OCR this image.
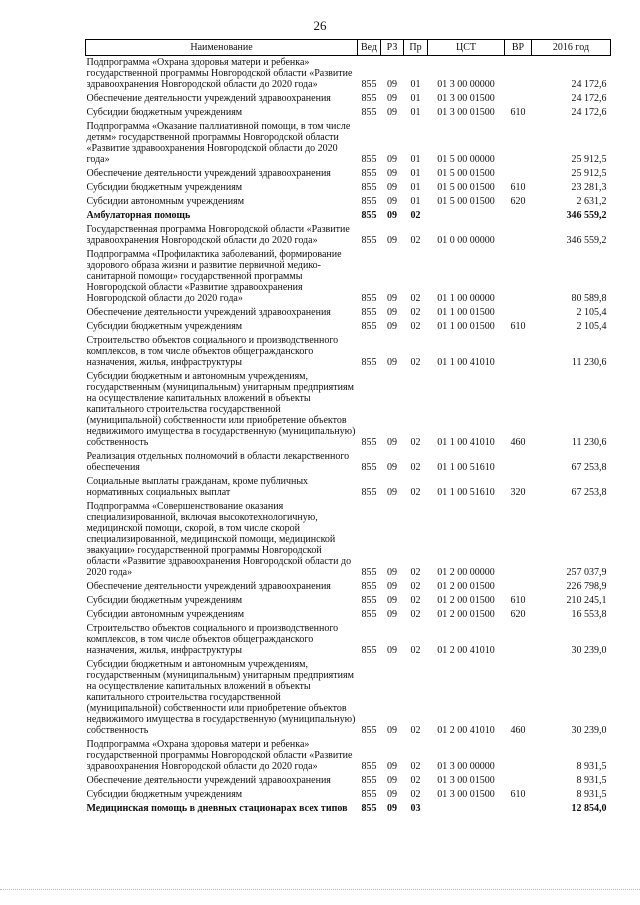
26
Наименование	Вед	РЗ	Пр	ЦСТ	ВР	2016 год
Подпрограмма «Охрана здоровья матери и ребенка» государственной программы Новгородской области «Развитие здравоохранения Новгородской области до 2020 года»	855	09	01	01 3 00 00000		24 172,6
Обеспечение деятельности учреждений здравоохранения	855	09	01	01 3 00 01500		24 172,6
Субсидии бюджетным учреждениям	855	09	01	01 3 00 01500	610	24 172,6
Подпрограмма «Оказание паллиативной помощи, в том числе детям» государственной программы Новгородской области «Развитие здравоохранения Новгородской области до 2020 года»	855	09	01	01 5 00 00000		25 912,5
Обеспечение деятельности учреждений здравоохранения	855	09	01	01 5 00 01500		25 912,5
Субсидии бюджетным учреждениям	855	09	01	01 5 00 01500	610	23 281,3
Субсидии автономным учреждениям	855	09	01	01 5 00 01500	620	2 631,2
Амбулаторная помощь	855	09	02			346 559,2
Государственная программа Новгородской области «Развитие здравоохранения Новгородской области до 2020 года»	855	09	02	01 0 00 00000		346 559,2
Подпрограмма «Профилактика заболеваний, формирование здорового образа жизни и развитие первичной медико-санитарной помощи» государственной программы Новгородской области «Развитие здравоохранения Новгородской области до 2020 года»	855	09	02	01 1 00 00000		80 589,8
Обеспечение деятельности учреждений здравоохранения	855	09	02	01 1 00 01500		2 105,4
Субсидии бюджетным учреждениям	855	09	02	01 1 00 01500	610	2 105,4
Строительство объектов социального и производственного комплексов, в том числе объектов общегражданского назначения, жилья, инфраструктуры	855	09	02	01 1 00 41010		11 230,6
Субсидии бюджетным и автономным учреждениям, государственным (муниципальным) унитарным предприятиям на осуществление капитальных вложений в объекты капитального строительства государственной (муниципальной) собственности или приобретение объектов недвижимого имущества в государственную (муниципальную) собственность	855	09	02	01 1 00 41010	460	11 230,6
Реализация отдельных полномочий в области лекарственного обеспечения	855	09	02	01 1 00 51610		67 253,8
Социальные выплаты гражданам, кроме публичных нормативных социальных выплат	855	09	02	01 1 00 51610	320	67 253,8
Подпрограмма «Совершенствование оказания специализированной, включая высокотехнологичную, медицинской помощи, скорой, в том числе скорой специализированной, медицинской помощи, медицинской эвакуации» государственной программы Новгородской области «Развитие здравоохранения Новгородской области до 2020 года»	855	09	02	01 2 00 00000		257 037,9
Обеспечение деятельности учреждений здравоохранения	855	09	02	01 2 00 01500		226 798,9
Субсидии бюджетным учреждениям	855	09	02	01 2 00 01500	610	210 245,1
Субсидии автономным учреждениям	855	09	02	01 2 00 01500	620	16 553,8
Строительство объектов социального и производственного комплексов, в том числе объектов общегражданского назначения, жилья, инфраструктуры	855	09	02	01 2 00 41010		30 239,0
Субсидии бюджетным и автономным учреждениям, государственным (муниципальным) унитарным предприятиям на осуществление капитальных вложений в объекты капитального строительства государственной (муниципальной) собственности или приобретение объектов недвижимого имущества в государственную (муниципальную) собственность	855	09	02	01 2 00 41010	460	30 239,0
Подпрограмма «Охрана здоровья матери и ребенка» государственной программы Новгородской области «Развитие здравоохранения Новгородской области до 2020 года»	855	09	02	01 3 00 00000		8 931,5
Обеспечение деятельности учреждений здравоохранения	855	09	02	01 3 00 01500		8 931,5
Субсидии бюджетным учреждениям	855	09	02	01 3 00 01500	610	8 931,5
Медицинская помощь в дневных стационарах всех типов	855	09	03			12 854,0
